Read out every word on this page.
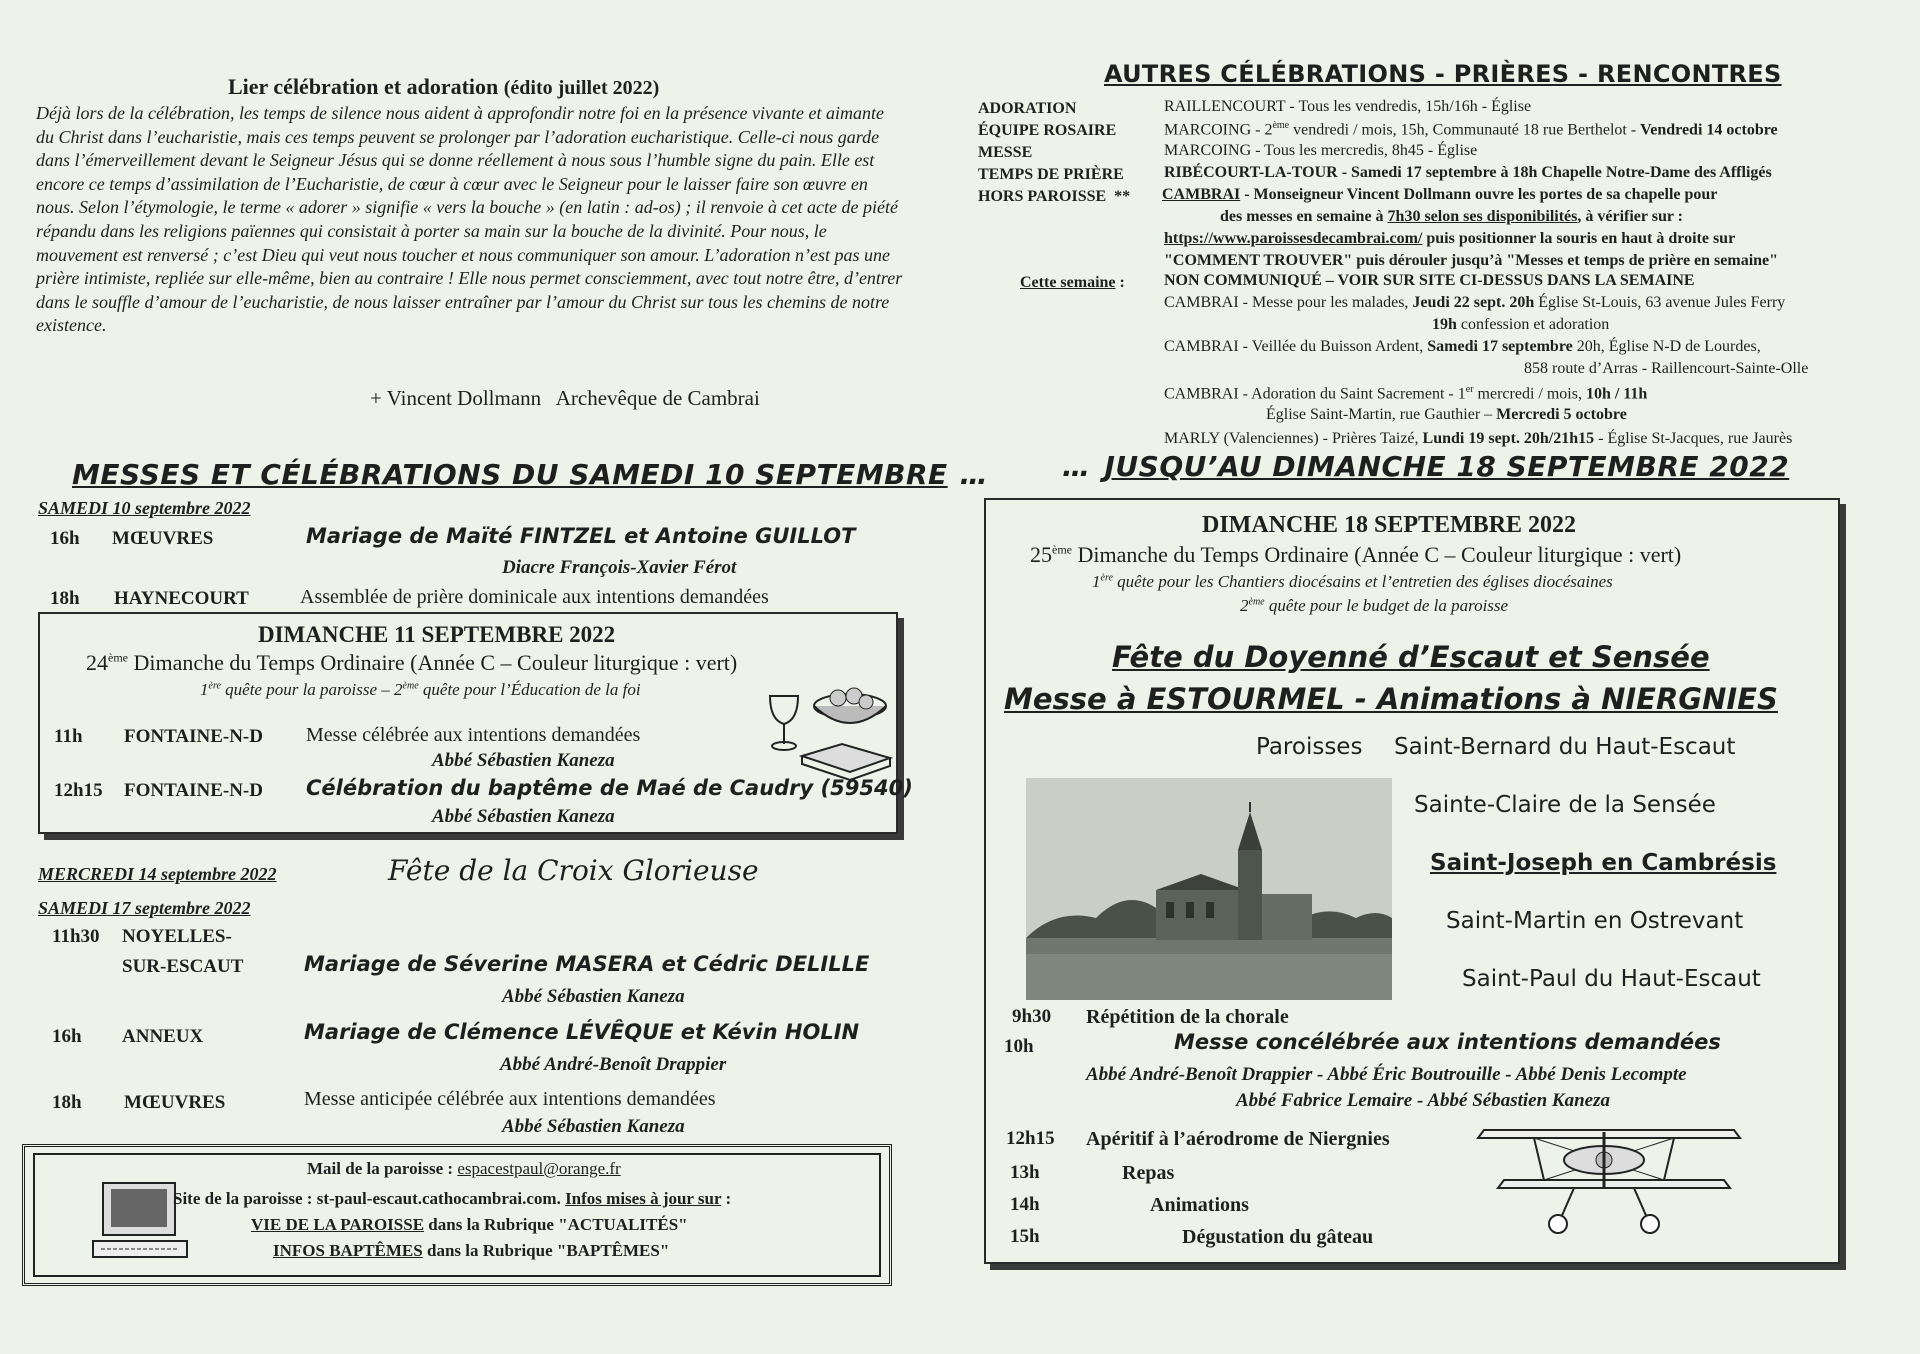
Lier célébration et adoration (édito juillet 2022)
Déjà lors de la célébration, les temps de silence nous aident à approfondir notre foi en la présence vivante et aimante du Christ dans l’eucharistie, mais ces temps peuvent se prolonger par l’adoration eucharistique. Celle-ci nous garde dans l’émerveillement devant le Seigneur Jésus qui se donne réellement à nous sous l’humble signe du pain. Elle est encore ce temps d’assimilation de l’Eucharistie, de cœur à cœur avec le Seigneur pour le laisser faire son œuvre en nous. Selon l’étymologie, le terme « adorer » signifie « vers la bouche » (en latin : ad-os) ; il renvoie à cet acte de piété répandu dans les religions païennes qui consistait à porter sa main sur la bouche de la divinité. Pour nous, le mouvement est renversé ; c’est Dieu qui veut nous toucher et nous communiquer son amour. L’adoration n’est pas une prière intimiste, repliée sur elle-même, bien au contraire ! Elle nous permet consciemment, avec tout notre être, d’entrer dans le souffle d’amour de l’eucharistie, de nous laisser entraîner par l’amour du Christ sur tous les chemins de notre existence.
+ Vincent Dollmann   Archevêque de Cambrai
MESSES ET CÉLÉBRATIONS DU SAMEDI 10 SEPTEMBRE …
SAMEDI 10 septembre 2022
16h MŒUVRES	Mariage de Maïté FINTZEL et Antoine GUILLOT
Diacre François-Xavier Férot
18h HAYNECOURT	Assemblée de prière dominicale aux intentions demandées
DIMANCHE 11 SEPTEMBRE 2022
24ème Dimanche du Temps Ordinaire (Année C – Couleur liturgique : vert)
1ère quête pour la paroisse – 2ème quête pour l’Éducation de la foi
11h FONTAINE-N-D Messe célébrée aux intentions demandées
Abbé Sébastien Kaneza
12h15 FONTAINE-N-D Célébration du baptême de Maé de Caudry (59540)
Abbé Sébastien Kaneza
MERCREDI 14 septembre 2022	Fête de la Croix Glorieuse
SAMEDI 17 septembre 2022
11h30 NOYELLES-
SUR-ESCAUT	Mariage de Séverine MASERA et Cédric DELILLE
Abbé Sébastien Kaneza
16h ANNEUX	Mariage de Clémence LÉVÊQUE et Kévin HOLIN
Abbé André-Benoît Drappier
18h MŒUVRES	Messe anticipée célébrée aux intentions demandées
Abbé Sébastien Kaneza
Mail de la paroisse : espacestpaul@orange.fr
Site de la paroisse : st-paul-escaut.cathocambrai.com. Infos mises à jour sur :
VIE DE LA PAROISSE dans la Rubrique "ACTUALITÉS"
INFOS BAPTÊMES dans la Rubrique "BAPTÊMES"
AUTRES CÉLÉBRATIONS - PRIÈRES - RENCONTRES
ADORATION	RAILLENCOURT - Tous les vendredis, 15h/16h - Église
ÉQUIPE ROSAIRE	MARCOING - 2ème vendredi / mois, 15h, Communauté 18 rue Berthelot - Vendredi 14 octobre
MESSE	MARCOING - Tous les mercredis, 8h45 - Église
TEMPS DE PRIÈRE	RIBÉCOURT-LA-TOUR - Samedi 17 septembre à 18h Chapelle Notre-Dame des Affligés
HORS PAROISSE  ** CAMBRAI - Monseigneur Vincent Dollmann ouvre les portes de sa chapelle pour
des messes en semaine à 7h30 selon ses disponibilités, à vérifier sur :
https://www.paroissesdecambrai.com/ puis positionner la souris en haut à droite sur
"COMMENT TROUVER" puis dérouler jusqu’à "Messes et temps de prière en semaine"
Cette semaine : NON COMMUNIQUÉ – VOIR SUR SITE CI-DESSUS DANS LA SEMAINE
CAMBRAI - Messe pour les malades, Jeudi 22 sept. 20h Église St-Louis, 63 avenue Jules Ferry
19h confession et adoration
CAMBRAI - Veillée du Buisson Ardent, Samedi 17 septembre 20h, Église N-D de Lourdes,
858 route d’Arras - Raillencourt-Sainte-Olle
CAMBRAI - Adoration du Saint Sacrement - 1er mercredi / mois, 10h / 11h
Église Saint-Martin, rue Gauthier – Mercredi 5 octobre
MARLY (Valenciennes) - Prières Taizé, Lundi 19 sept. 20h/21h15 - Église St-Jacques, rue Jaurès
… JUSQU’AU DIMANCHE 18 SEPTEMBRE 2022
DIMANCHE 18 SEPTEMBRE 2022
25ème Dimanche du Temps Ordinaire (Année C – Couleur liturgique : vert)
1ère quête pour les Chantiers diocésains et l’entretien des églises diocésaines
2ème quête pour le budget de la paroisse
Fête du Doyenné d’Escaut et Sensée
Messe à ESTOURMEL - Animations à NIERGNIES
Paroisses Saint-Bernard du Haut-Escaut
Sainte-Claire de la Sensée
Saint-Joseph en Cambrésis
Saint-Martin en Ostrevant
Saint-Paul du Haut-Escaut
9h30 Répétition de la chorale
10h	Messe concélébrée aux intentions demandées
Abbé André-Benoît Drappier - Abbé Éric Boutrouille - Abbé Denis Lecompte
Abbé Fabrice Lemaire - Abbé Sébastien Kaneza
12h15 Apéritif à l’aérodrome de Niergnies
13h	Repas
14h	Animations
15h	Dégustation du gâteau
